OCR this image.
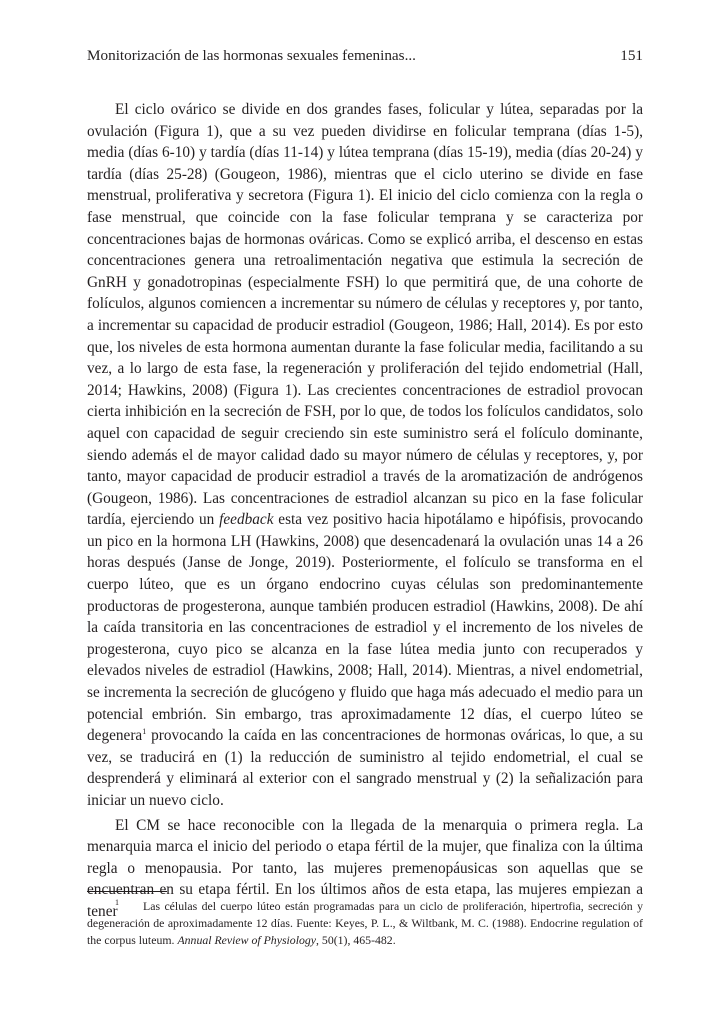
Monitorización de las hormonas sexuales femeninas...	151

El ciclo ovárico se divide en dos grandes fases, folicular y lútea, separadas por la ovulación (Figura 1), que a su vez pueden dividirse en folicular temprana (días 1-5), media (días 6-10) y tardía (días 11-14) y lútea temprana (días 15-19), media (días 20-24) y tardía (días 25-28) (Gougeon, 1986), mientras que el ciclo uterino se divide en fase menstrual, proliferativa y secretora (Figura 1). El inicio del ciclo comienza con la regla o fase menstrual, que coincide con la fase folicular temprana y se caracteriza por concentraciones bajas de hormonas ováricas. Como se explicó arriba, el descenso en estas concentraciones genera una retroalimentación negativa que estimula la secreción de GnRH y gonadotropinas (especialmente FSH) lo que permitirá que, de una cohorte de folículos, algunos comiencen a incrementar su número de células y receptores y, por tanto, a incrementar su capacidad de producir estradiol (Gougeon, 1986; Hall, 2014). Es por esto que, los niveles de esta hormona aumentan durante la fase folicular media, facilitando a su vez, a lo largo de esta fase, la regeneración y proliferación del tejido endometrial (Hall, 2014; Hawkins, 2008) (Figura 1). Las crecientes concentraciones de estradiol provocan cierta inhibición en la secreción de FSH, por lo que, de todos los folículos candidatos, solo aquel con capacidad de seguir creciendo sin este suministro será el folículo dominante, siendo además el de mayor calidad dado su mayor número de células y receptores, y, por tanto, mayor capacidad de producir estradiol a través de la aromatización de andrógenos (Gougeon, 1986). Las concentraciones de estradiol alcanzan su pico en la fase folicular tardía, ejerciendo un feedback esta vez positivo hacia hipotálamo e hipófisis, provocando un pico en la hormona LH (Hawkins, 2008) que desencadenará la ovulación unas 14 a 26 horas después (Janse de Jonge, 2019). Posteriormente, el folículo se transforma en el cuerpo lúteo, que es un órgano endocrino cuyas células son predominantemente productoras de progesterona, aunque también producen estradiol (Hawkins, 2008). De ahí la caída transitoria en las concentraciones de estradiol y el incremento de los niveles de progesterona, cuyo pico se alcanza en la fase lútea media junto con recuperados y elevados niveles de estradiol (Hawkins, 2008; Hall, 2014). Mientras, a nivel endometrial, se incrementa la secreción de glucógeno y fluido que haga más adecuado el medio para un potencial embrión. Sin embargo, tras aproximadamente 12 días, el cuerpo lúteo se degenera$^1$ provocando la caída en las concentraciones de hormonas ováricas, lo que, a su vez, se traducirá en (1) la reducción de suministro al tejido endometrial, el cual se desprenderá y eliminará al exterior con el sangrado menstrual y (2) la señalización para iniciar un nuevo ciclo.

El CM se hace reconocible con la llegada de la menarquia o primera regla. La menarquia marca el inicio del periodo o etapa fértil de la mujer, que finaliza con la última regla o menopausia. Por tanto, las mujeres premenopáusicas son aquellas que se encuentran en su etapa fértil. En los últimos años de esta etapa, las mujeres empiezan a tener

$^1$ Las células del cuerpo lúteo están programadas para un ciclo de proliferación, hipertrofia, secreción y degeneración de aproximadamente 12 días. Fuente: Keyes, P. L., & Wiltbank, M. C. (1988). Endocrine regulation of the corpus luteum. Annual Review of Physiology, 50(1), 465-482.
